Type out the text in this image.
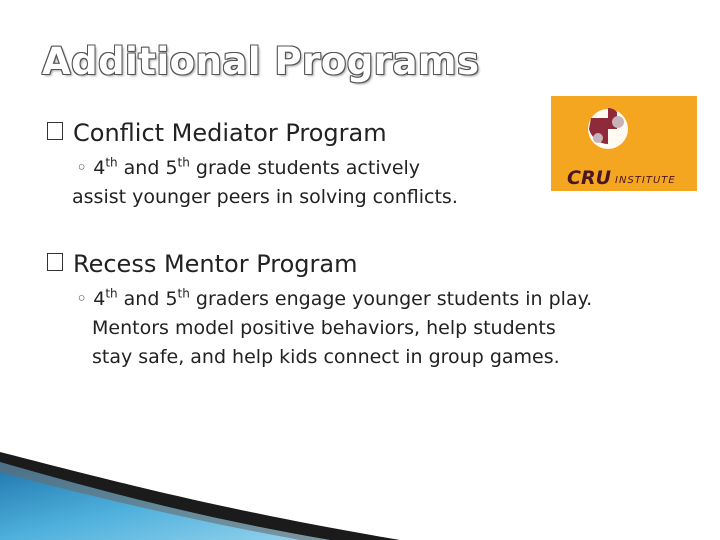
Additional Programs
Conflict Mediator Program
◦ 4th and 5th grade students actively
assist younger peers in solving conflicts.
CRU INSTITUTE
Recess Mentor Program
◦ 4th and 5th graders engage younger students in play.
Mentors model positive behaviors, help students
stay safe, and help kids connect in group games.
